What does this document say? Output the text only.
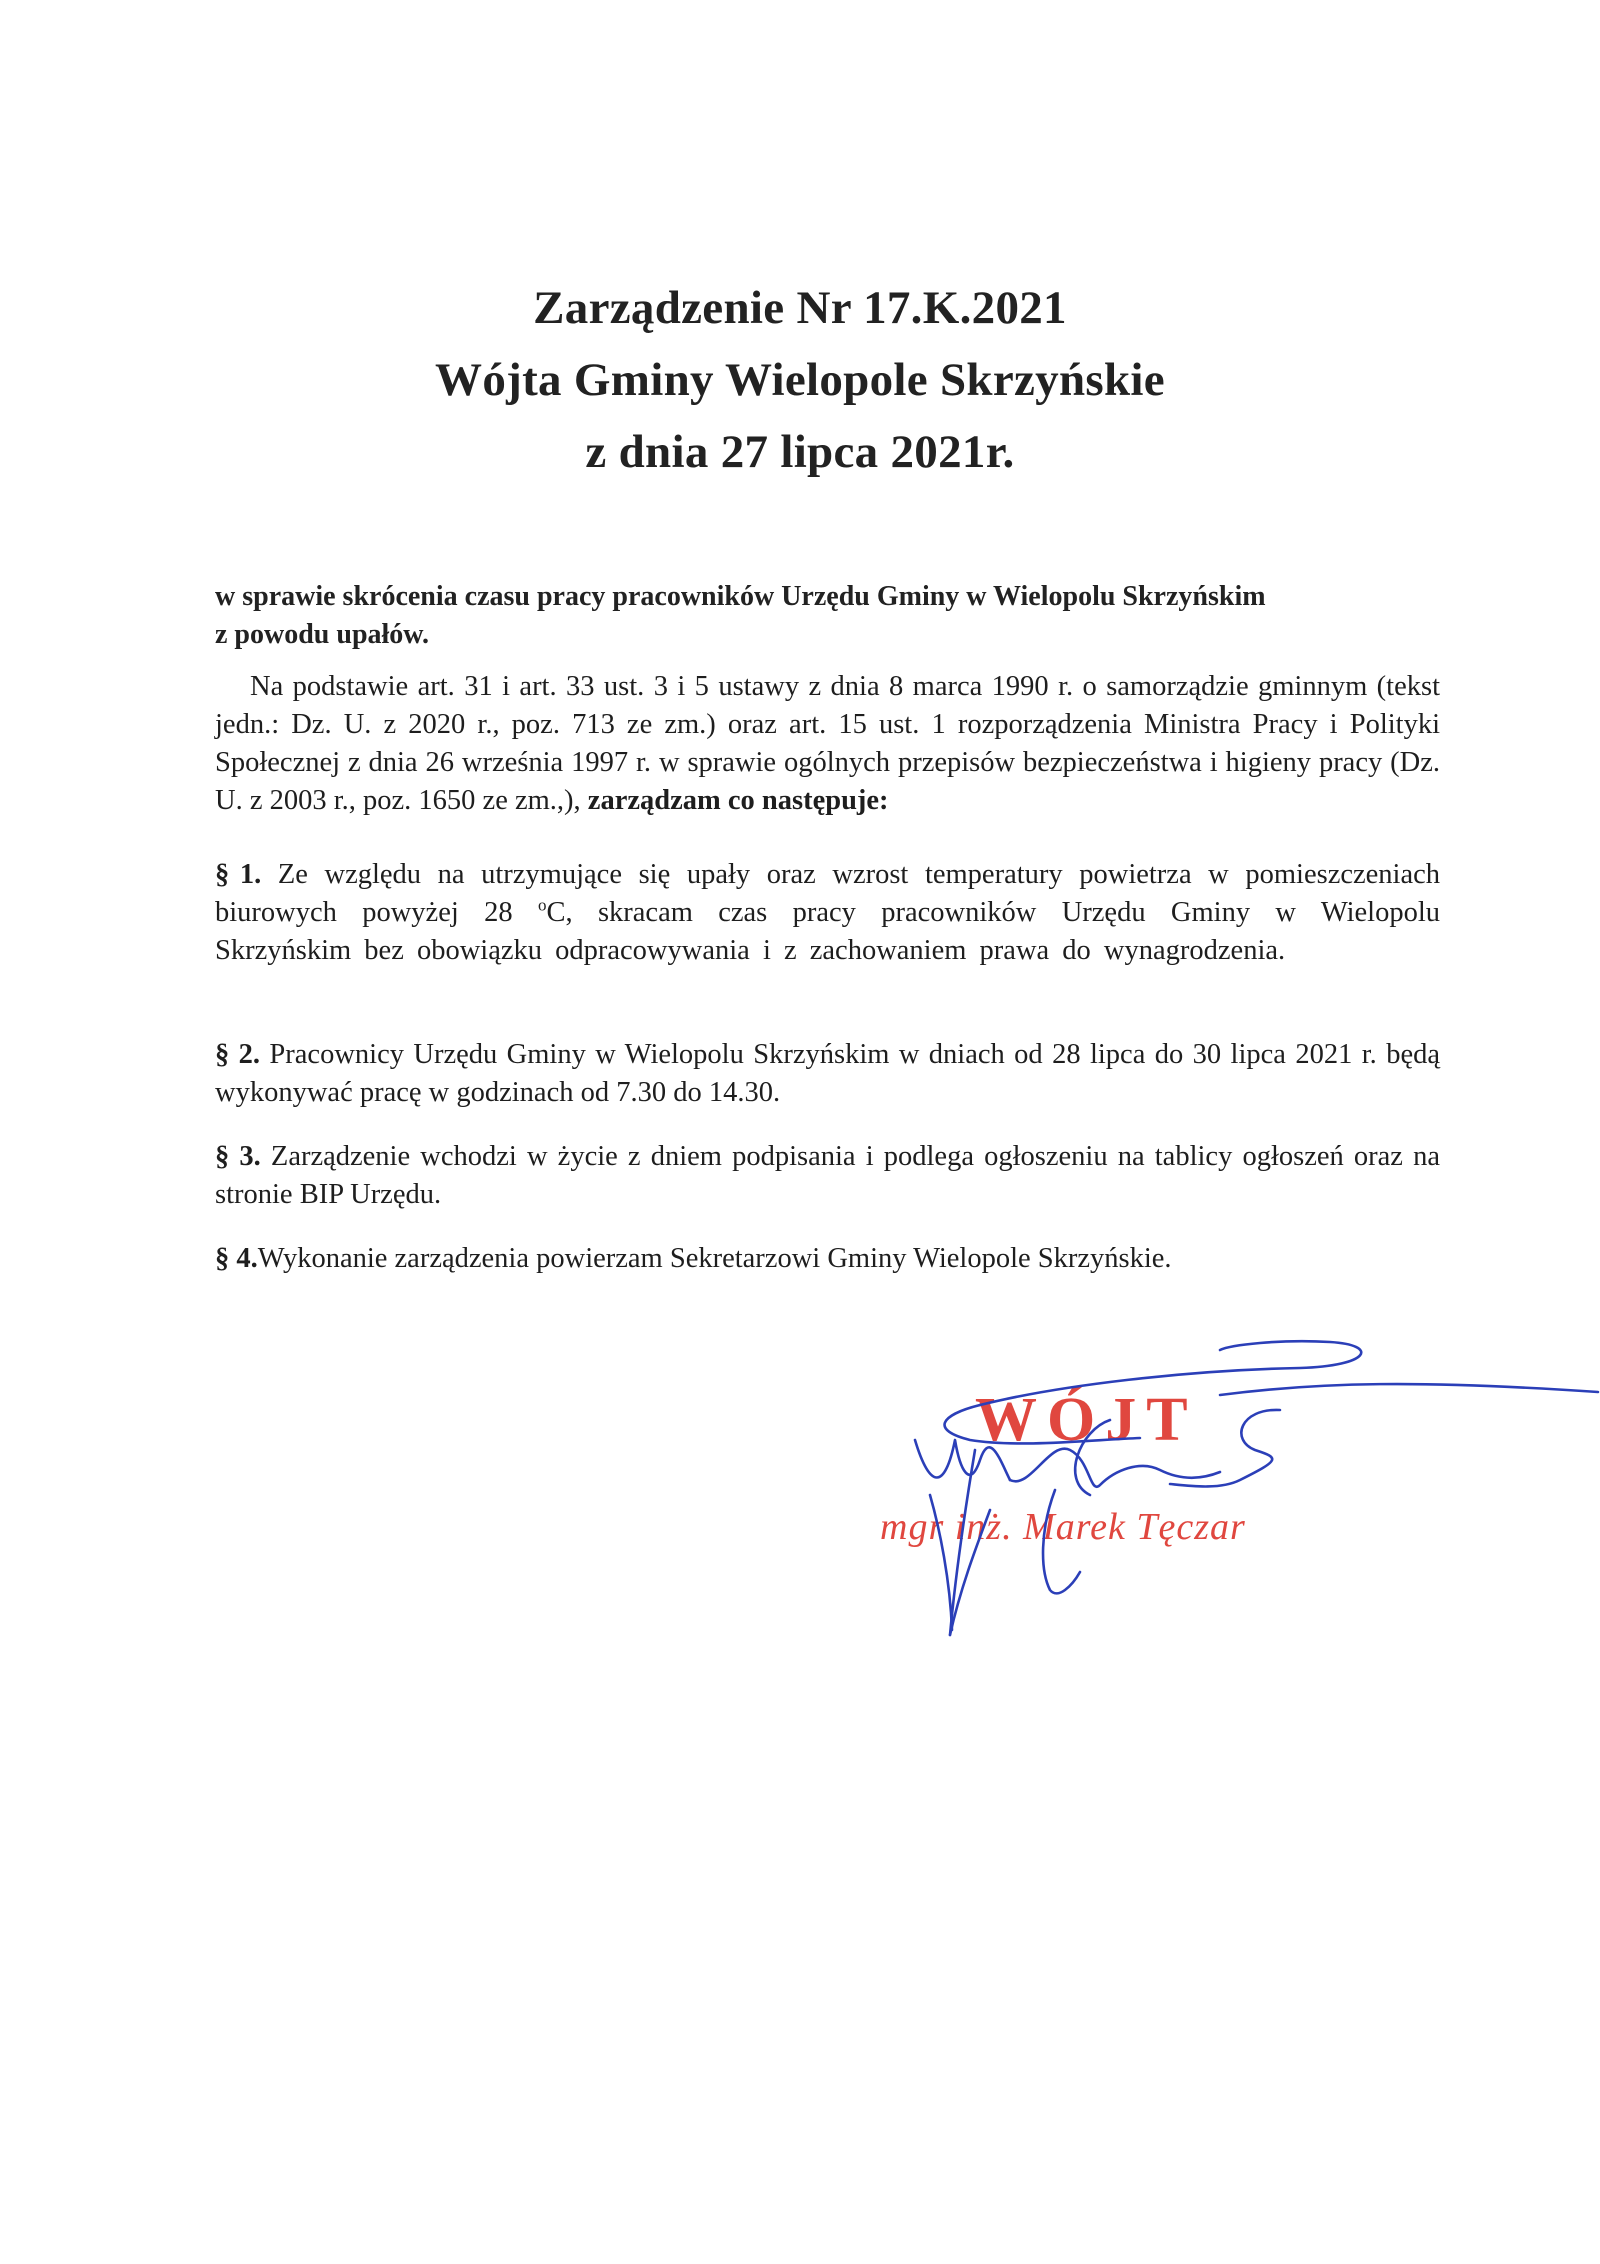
Zarządzenie Nr 17.K.2021
Wójta Gminy Wielopole Skrzyńskie
z dnia 27 lipca 2021r.
w sprawie skrócenia czasu pracy pracowników Urzędu Gminy w Wielopolu Skrzyńskim
z powodu upałów.
Na podstawie art. 31 i art. 33 ust. 3 i 5 ustawy z dnia 8 marca 1990 r. o samorządzie gminnym (tekst jedn.: Dz. U. z 2020 r., poz. 713 ze zm.) oraz art. 15 ust. 1 rozporządzenia Ministra Pracy i Polityki Społecznej z dnia 26 września 1997 r. w sprawie ogólnych przepisów bezpieczeństwa i higieny pracy (Dz. U. z 2003 r., poz. 1650 ze zm.,), zarządzam co następuje:
§ 1. Ze względu na utrzymujące się upały oraz wzrost temperatury powietrza w pomieszczeniach biurowych powyżej 28 $^o$C, skracam czas pracy pracowników Urzędu Gminy w Wielopolu Skrzyńskim bez obowiązku odpracowywania i z zachowaniem prawa do wynagrodzenia.
§ 2. Pracownicy Urzędu Gminy w Wielopolu Skrzyńskim w dniach od 28 lipca do 30 lipca 2021 r. będą wykonywać pracę w godzinach od 7.30 do 14.30.
§ 3. Zarządzenie wchodzi w życie z dniem podpisania i podlega ogłoszeniu na tablicy ogłoszeń oraz na stronie BIP Urzędu.
§ 4.Wykonanie zarządzenia powierzam Sekretarzowi Gminy Wielopole Skrzyńskie.
WÓJT
mgr inż. Marek Tęczar
